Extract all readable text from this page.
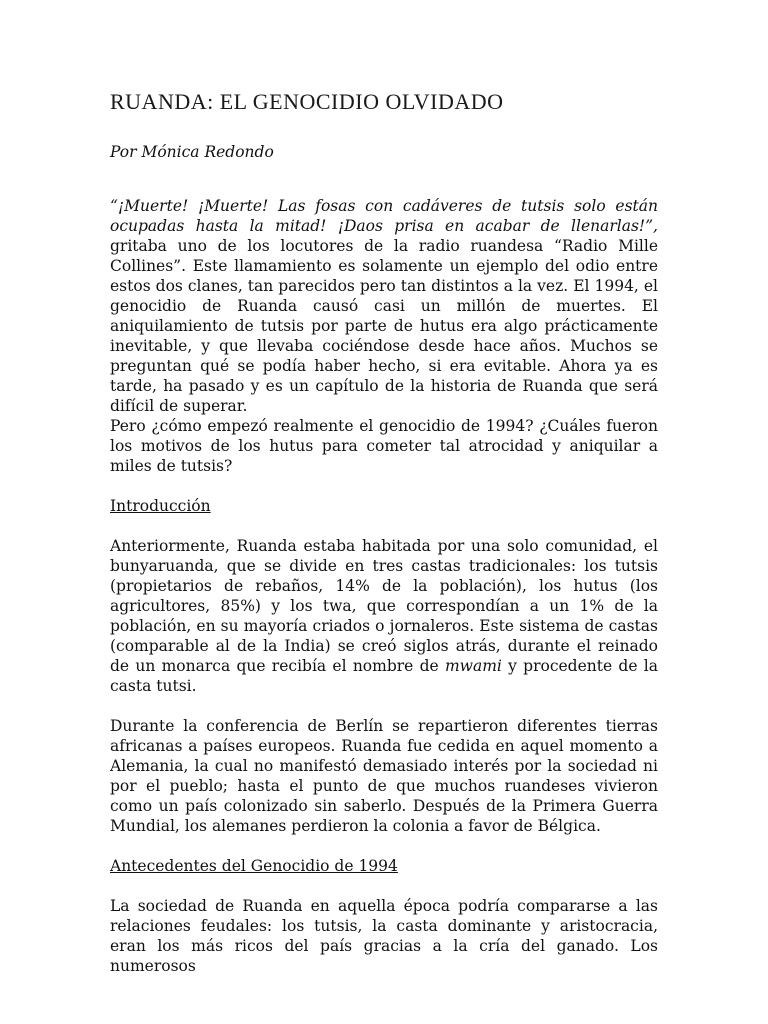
RUANDA: EL GENOCIDIO OLVIDADO

Por Mónica Redondo

“¡Muerte! ¡Muerte! Las fosas con cadáveres de tutsis solo están ocupadas hasta la mitad! ¡Daos prisa en acabar de llenarlas!”, gritaba uno de los locutores de la radio ruandesa “Radio Mille Collines”. Este llamamiento es solamente un ejemplo del odio entre estos dos clanes, tan parecidos pero tan distintos a la vez. El 1994, el genocidio de Ruanda causó casi un millón de muertes. El aniquilamiento de tutsis por parte de hutus era algo prácticamente inevitable, y que llevaba cociéndose desde hace años. Muchos se preguntan qué se podía haber hecho, si era evitable. Ahora ya es tarde, ha pasado y es un capítulo de la historia de Ruanda que será difícil de superar.

Pero ¿cómo empezó realmente el genocidio de 1994? ¿Cuáles fueron los motivos de los hutus para cometer tal atrocidad y aniquilar a miles de tutsis?

Introducción

Anteriormente, Ruanda estaba habitada por una solo comunidad, el bunyaruanda, que se divide en tres castas tradicionales: los tutsis (propietarios de rebaños, 14% de la población), los hutus (los agricultores, 85%) y los twa, que correspondían a un 1% de la población, en su mayoría criados o jornaleros. Este sistema de castas (comparable al de la India) se creó siglos atrás, durante el reinado de un monarca que recibía el nombre de mwami y procedente de la casta tutsi.

Durante la conferencia de Berlín se repartieron diferentes tierras africanas a países europeos. Ruanda fue cedida en aquel momento a Alemania, la cual no manifestó demasiado interés por la sociedad ni por el pueblo; hasta el punto de que muchos ruandeses vivieron como un país colonizado sin saberlo. Después de la Primera Guerra Mundial, los alemanes perdieron la colonia a favor de Bélgica.

Antecedentes del Genocidio de 1994

La sociedad de Ruanda en aquella época podría compararse a las relaciones feudales: los tutsis, la casta dominante y aristocracia, eran los más ricos del país gracias a la cría del ganado. Los numerosos
